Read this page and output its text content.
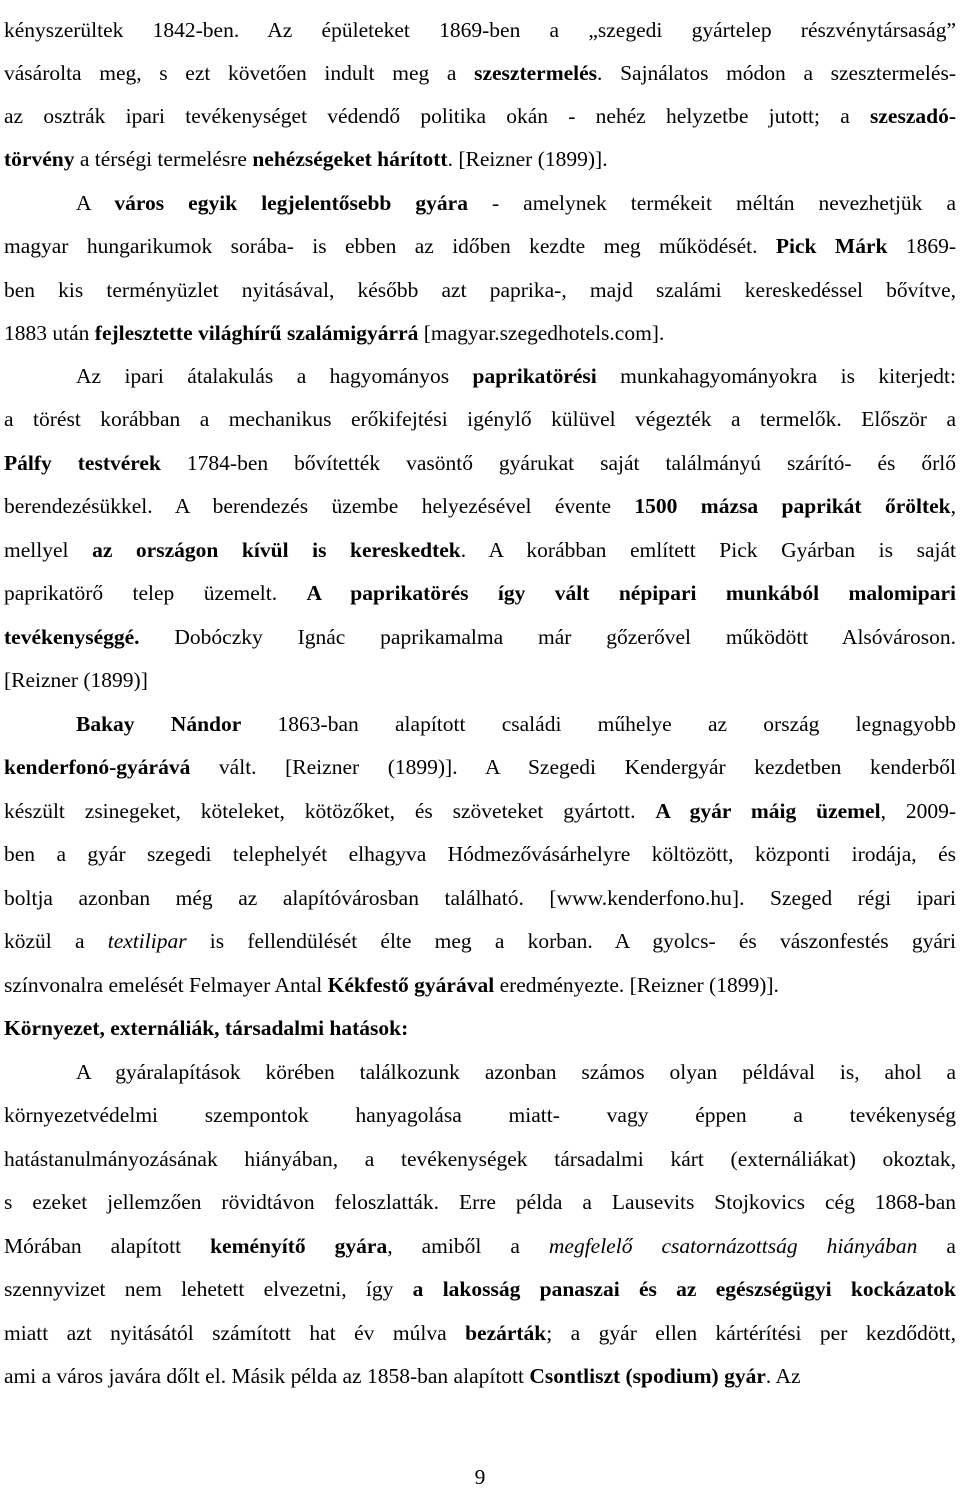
kényszerültek 1842-ben. Az épületeket 1869-ben a „szegedi gyártelep részvénytársaság”
vásárolta meg, s ezt követően indult meg a szesztermelés. Sajnálatos módon a szesztermelés-
az osztrák ipari tevékenységet védendő politika okán - nehéz helyzetbe jutott; a szeszadó-
törvény a térségi termelésre nehézségeket hárított. [Reizner (1899)].
A város egyik legjelentősebb gyára - amelynek termékeit méltán nevezhetjük a
magyar hungarikumok sorába- is ebben az időben kezdte meg működését. Pick Márk 1869-
ben kis terményüzlet nyitásával, később azt paprika-, majd szalámi kereskedéssel bővítve,
1883 után fejlesztette világhírű szalámigyárrá [magyar.szegedhotels.com].
Az ipari átalakulás a hagyományos paprikatörési munkahagyományokra is kiterjedt:
a törést korábban a mechanikus erőkifejtési igénylő külüvel végezték a termelők. Először a
Pálfy testvérek 1784-ben bővítették vasöntő gyárukat saját találmányú szárító- és őrlő
berendezésükkel. A berendezés üzembe helyezésével évente 1500 mázsa paprikát őröltek,
mellyel az országon kívül is kereskedtek. A korábban említett Pick Gyárban is saját
paprikatörő telep üzemelt. A paprikatörés így vált népipari munkából malomipari
tevékenységgé. Dobóczky Ignác paprikamalma már gőzerővel működött Alsóvároson.
[Reizner (1899)]
Bakay Nándor 1863-ban alapított családi műhelye az ország legnagyobb
kenderfonó-gyárává vált. [Reizner (1899)]. A Szegedi Kendergyár kezdetben kenderből
készült zsinegeket, köteleket, kötözőket, és szöveteket gyártott. A gyár máig üzemel, 2009-
ben a gyár szegedi telephelyét elhagyva Hódmezővásárhelyre költözött, központi irodája, és
boltja azonban még az alapítóvárosban található. [www.kenderfono.hu]. Szeged régi ipari
közül a textilipar is fellendülését élte meg a korban. A gyolcs- és vászonfestés gyári
színvonalra emelését Felmayer Antal Kékfestő gyárával eredményezte. [Reizner (1899)].
Környezet, externáliák, társadalmi hatások:
A gyáralapítások körében találkozunk azonban számos olyan példával is, ahol a
környezetvédelmi szempontok hanyagolása miatt- vagy éppen a tevékenység
hatástanulmányozásának hiányában, a tevékenységek társadalmi kárt (externáliákat) okoztak,
s ezeket jellemzően rövidtávon feloszlatták. Erre példa a Lausevits Stojkovics cég 1868-ban
Mórában alapított keményítő gyára, amiből a megfelelő csatornázottság hiányában a
szennyvizet nem lehetett elvezetni, így a lakosság panaszai és az egészségügyi kockázatok
miatt azt nyitásától számított hat év múlva bezárták; a gyár ellen kártérítési per kezdődött,
ami a város javára dőlt el. Másik példa az 1858-ban alapított Csontliszt (spodium) gyár. Az
9
